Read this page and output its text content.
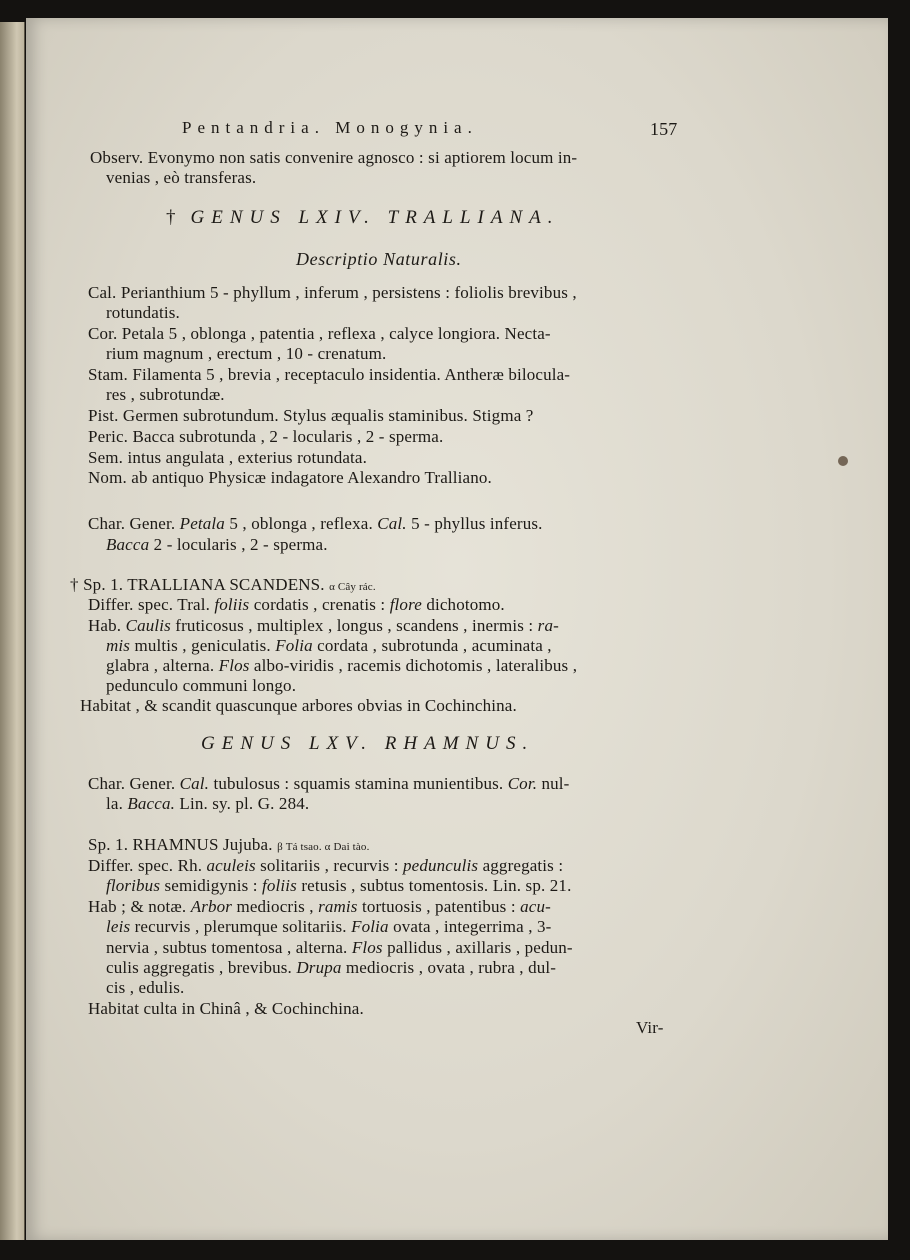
Pentandria. Monogynia.	157
Observ. Evonymo non satis convenire agnosco : si aptiorem locum in-
venias , eò transferas.
† GENUS LXIV. TRALLIANA.
Descriptio Naturalis.
Cal. Perianthium 5 - phyllum , inferum , persistens : foliolis brevibus ,
rotundatis.
Cor. Petala 5 , oblonga , patentia , reflexa , calyce longiora. Necta-
rium magnum , erectum , 10 - crenatum.
Stam. Filamenta 5 , brevia , receptaculo insidentia. Antheræ bilocula-
res , subrotundæ.
Pist. Germen subrotundum. Stylus æqualis staminibus. Stigma ?
Peric. Bacca subrotunda , 2 - locularis , 2 - sperma.
Sem. intus angulata , exterius rotundata.
Nom. ab antiquo Physicæ indagatore Alexandro Tralliano.
Char. Gener. Petala 5 , oblonga , reflexa. Cal. 5 - phyllus inferus.
Bacca 2 - locularis , 2 - sperma.
† Sp. 1. TRALLIANA SCANDENS. α Cây rác.
Differ. spec. Tral. foliis cordatis , crenatis : flore dichotomo.
Hab. Caulis fruticosus , multiplex , longus , scandens , inermis : ra-
mis multis , geniculatis. Folia cordata , subrotunda , acuminata ,
glabra , alterna. Flos albo-viridis , racemis dichotomis , lateralibus ,
pedunculo communi longo.
Habitat , & scandit quascunque arbores obvias in Cochinchina.
GENUS LXV. RHAMNUS.
Char. Gener. Cal. tubulosus : squamis stamina munientibus. Cor. nul-
la. Bacca. Lin. sy. pl. G. 284.
Sp. 1. RHAMNUS Jujuba. β Tá tsao. α Dai tào.
Differ. spec. Rh. aculeis solitariis , recurvis : pedunculis aggregatis :
floribus semidigynis : foliis retusis , subtus tomentosis. Lin. sp. 21.
Hab ; & notæ. Arbor mediocris , ramis tortuosis , patentibus : acu-
leis recurvis , plerumque solitariis. Folia ovata , integerrima , 3-
nervia , subtus tomentosa , alterna. Flos pallidus , axillaris , pedun-
culis aggregatis , brevibus. Drupa mediocris , ovata , rubra , dul-
cis , edulis.
Habitat culta in Chinâ , & Cochinchina.
Vir-
